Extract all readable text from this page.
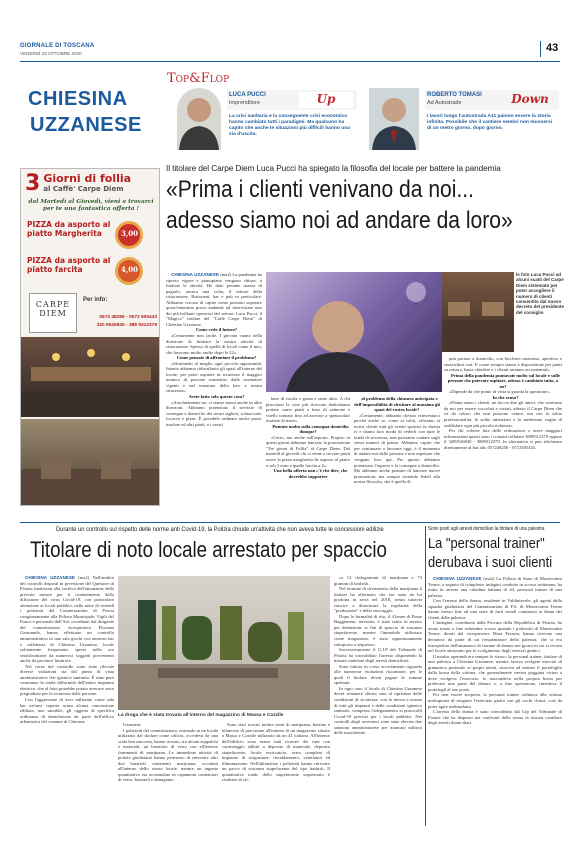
GIORNALE DI TOSCANA
VENERDÌ 23 OTTOBRE 2020	43
CHIESINA
UZZANESE
Top&Flop
LUCA PUCCI
Imprenditore	Up
La crisi sanitaria e la conseguente crisi economica hanno cambiato tutti i paradigmi. Ma qualcuno ha capito che anche le situazioni più difficili hanno una via d'uscita.
ROBERTO TOMASI
Ad Autostrade	Down
I lavori lungo l'autostrada A11 paiono essere la storia infinita. Possibile che il cantiere sembri non muoversi di un metro giorno, dopo giorno.
3 Giorni di follia
al Caffè' Carpe Diem
dal Martedì al Giovedì, vieni a trovarci per te una fantastica offerta !
PIZZA da asporto al piatto Margherita	3,00
PIZZA da asporto al piatto farcita	4,00
CARPE
DIEM
Per info:
0572 48256 - 0572 505443
320 9526840 - 388 9312379
Il titolare del Carpe Diem Luca Pucci ha spiegato la filosofia del locale per battere la pandemia
«Prima i clienti venivano da noi...
adesso siamo noi ad andare da loro»
le foto Luca Pucci ad alcuni scatti del Carpe Diem sistemato per poter accogliere il numero di clienti consentito dal nuovo decreto del presidente del consiglio

CHIESINA UZZANESE (ma2) La pandemia ha ripreso vigore e pianopiano vengono chiuse, o limitate le attività. Ho dato pesante mazza di pagarlo, ancora una volta, il settore della ristorazione. Ristoranti, bar e pub in particolare. Abbiamo cercato di capire come possono superare quest'ennesima prova andando ad intervistare uno dei più brillanti operatori del settore: Luca Pucci, il "Magico" titolare del "Caffè Carpe Diem" di Chiesina Uzzanese.

Come vede il futuro?

«Certamente non facile. I giovani vanno nella direzione di limitare la nostra attività di ristorazione. Spesso di quella di locali come il mio, che lavorano molto anche dopo le 22».

Come pensate di affrontare il problema?

«Sfruttando al meglio ogni piccola opportunità. Intanto abbiamo ridistribuito gli spazi all'interno del locale, per poter ospitare in sicurezza il maggior numero di persone consentito dalle normative vigenti e nel massimo della loro e nostra sicurezza».

Avete fatto solo questo cosa?

«Assolutamente no, ci siamo mossi anche in altre direzioni. Abbiamo potenziato il servizio di consegna a domicilio dei nostri taglieri, schiacciate, focacce e pizze. È possibile ordinare anche pasta, insalate ed altri piatti, e i nostri

base di rucola e grana e tanto altro. A chi piacciono le cose più ricercate dedichiamo portate come piatti a base di salmone e vitello tonnato fino ad arrivare a spettacolari insalate di mare».

Puntate molto sulla consegna domicilio dunque?

«Certo, ma anche sull'asporto. Proprio in questi giorni abbiamo lanciato la promozione "Tre giorni di Follia" al Carpe Diem. Dal martedì al giovedì chi ci viene a trovare potrà avere la pizza margherita da asporto al piatto a soli 3 euro e quella farcita a 4».

Una bella offerta non c'è che dire, che dovrebbe supportre

al problema della chiusura anticipata e dell'impossibilità di sfruttare al massimo gli spazi del vostro locale?

«Certamente, abbiamo dovuto reinventarci perché anche se, come ai soliti, offriamo ai nostri clienti tutti gli eventi sportivi in diretta tv e diamo loro modo di vederli con tutte le tutela di sicurezza, non possiamo contare sugli stessi numeri di prima. Abbiamo capito che per continuare a lavorare oggi, è il momento di andare noi dalle persone e non aspettare che vengano loro qui. Per questo abbiamo potenziato l'asporto e la consegna a domicilio. Ma abbiamo anche pensato di lanciare nuove promozioni, ma sempre restando fedeli alla nostra filosofia, che è quella di

pub portare a domicilio, con bicchieri monouso, aperitivo e stuzzichini vari. E come sempre siamo a disposizione per punti su misura, basta chiedere e i clienti saranno accontentati».

Prima della pandemia puntavate molto sul locale e sulle persone che potevate ospitare, adesso è cambiato tutto, o no?

«Dipende da che punto di vista si guarda la questione».

In che senso?

«Prima erano i clienti, mi faccia dire gli amici, che venivano da noi per essere coccolati e viziati, adesso il Carpe Diem che va da coloro che non possono venire, ma con la solita professionalità, le solite attenzioni e la medesima voglia di soddisfare ogni più piccola richiesta».

Per chi volesse fare delle ordinazioni o avere maggiori informazioni questi sono i contatti cellulare 3889312379 oppure il 3209526840 - 3889312379. In alternativa si può telefonare direttamente al bar allo 057248256 - 0572505443.

Durante un controllo sul rispetto delle norme anti Covid-19, la Polizia chiude un'attività che non aveva tutte le concessioni edilizie
Titolare di noto locale arrestato per spaccio

CHIESINA UZZANESE (ma2) Nell'ambito dei controlli disposti in previsione del Questore di Pistoia finalizzati alla verifica dell'attuazione delle previste misure per il contenimento della diffusione del virus Covid-19, con particolare attenzione ai locali pubblici, nella notte di venerdì i poliziotti del Commissariato di Pescia congiuntamente alla Polizia Municipale, Vigili del Fuoco e personale dell'Asl, coordinati dal dirigente del commissariato vicequestore Floriana Gesmundo, hanno effettuato un controllo amministrativo in una sala giochi con annesso bar e caffetteria di Chiesina Uzzanese, locale solitamente frequentato specie nelle ore serali/notturne da numerosi soggetti provenienti anche da province limitrofe.

Nel corso del controllo sono state rilevate diverse violazioni sia dal punto di vista amministrativo che igienico sanitario. È stato pure constatato la totale difformità dell'intero impianto elettrico, che al fatto potrebbe potuto arrecare serio pregiudizio per la sicurezza delle persone.

Con l'aggravante di aver utilizzato come sala bar un'area coperta senza alcuna concessione edilizia, non sanabile, gli oggetto di specifica ordinanza di demolizione da parte dell'ufficio urbanistica del comune di Chiesina

La droga che è stata trovata all'interno del magazzino di Massa e Cozzile

Uzzanese.

I poliziotti del commissariato, entrando in un locale utilizzato dal titolare come ufficio, accedeva da una scala ben nascosta, hanno trovato, tra alcuni soppalchi e materiali, un barattolo di vetro con all'interno frammenti di marijuana. Le immediate attività di polizia giudiziaria hanno permesso di rinvenire altri due barattoli contenenti marijuana, occultati all'interno dello stesso locale, mentre un ingente quantitativo era accumulato in capannoni contenitori di vetro: barattoli e damigiane.

Sono stati trovati inoltre semi di marijuana, bustine e bilancino di precisione all'interno di un magazzino situato a Massa e Cozzile utilizzato da un 41 italiano. All'interno dell'edificio sono erano stati ricavati dei vani con carrinseggio adibiti a deposito di materiale, deposito stupefacente, locale essiccatoio, serra completa di impianto di irrigazione, riscaldamento, ventilatori ed illuminazione. Nell'abitazione i poliziotti hanno ritrovato un pacco di sostanza stupefacente del tipo hashish. Il quantitativo totale dello stupefacente sequestrato è risultato di cir-

ca 13 chilogrammi di marijuana e 73 grammi di hashish.

Nel termine di riferimento della marijuana il titolare ha affermato che era stata da lui prodotta in serra nel 2018, senza tuttavia riuscire a dimostrare la regolarità della "produzione" e della stoccaggio.

Dopo le formalità di rito, il 41enne di Ponte Buggianese, arrestato, è stato tratto in arresto per detenzione ai fini di spaccio di sostanza stupefacente, mentre l'immobile utilizzato come magazzino, è stato opportunamente sottoposto a sequestro.

Successivamente il G.I.P del Tribunale di Pistoia ha convalidato l'arresto disponendo la misura cautelare degli arresti domiciliari.

Sono tuttora in corso accertamenti riguardo alle numerose violazioni riscontrate, per le quali il titolare dovrà pagare le somme spettanti.

In ogni caso il locale di Chiesina Uzzanese dovrà rimanere chiuso sino al ripristino delle condizioni di sicurezza, con la messa a norma di tutti gli impianti e delle condizioni igienico sanitarie, compreso l'adeguamento ai protocolli Covid-19 previsti per i locali pubblici. Nei controlli degli avventori sono state elevate due sanzioni amministrative per mancato utilizzo delle mascherine.

Sono posti agli arresti domiciliari la titolare di una palestra
La "personal trainer"
derubava i suoi clienti

CHIESINA UZZANESE (ma2) La Polizia di Stato di Montecatini Terme, a seguito di complesse indagini condotte in scorso settimana, ha tratto in arresto una cittadina italiana di 44, personal trainer di una palestra.

Con l'arresto della donna, residente in Valdinievole, gli agenti della squadra giudiziaria del Commissariato di P.S. di Montecatini Terme hanno messo fine ad una serie di furti seriali commessi ai danni dei clienti della palestra.

L'indagine, coordinata dalla Procura della Repubblica di Pistoia, ha avuto inizio a fine settembre scorso quando i poliziotti di Montecatini Terme, diretti dal vicequestore Mara Ferasin, hanno ricevuto una denuncia da parte di un frequentatore della palestra, che si era insospettito dell'ammanco di somme di denaro nei giorni in cui si recava nel locale attrezzato per lo svolgimento degli esercizi ginnici.

Il modus operandi era sempre lo stesso: la personal trainer, titolare di una palestra a Chiesina Uzzanese, mentre faceva svolgere esercizi di ginnastica posturale ai propri utenti, riusciva ad entrare il portafoglio dalla borsa della vittima, che generalmente veniva poggiata vicino a dove svolgeva l'esercizio, lo nascondeva nella propria borsa per prelevare una parte del denaro e, a fine operazione, rimetteva il portafogli al suo posto.

Per non essere scoperta, la personal trainer ordinava alla vittima malcapitata di eseguire l'esercizio girato con gli occhi chiusi, così da poter agire indisturbata.

L'arresto della donna è stato convalidato dal Gip del Tribunale di Pistoia che ha disposto nei confronti della stessa la misura cautelare degli arresti domiciliari.
